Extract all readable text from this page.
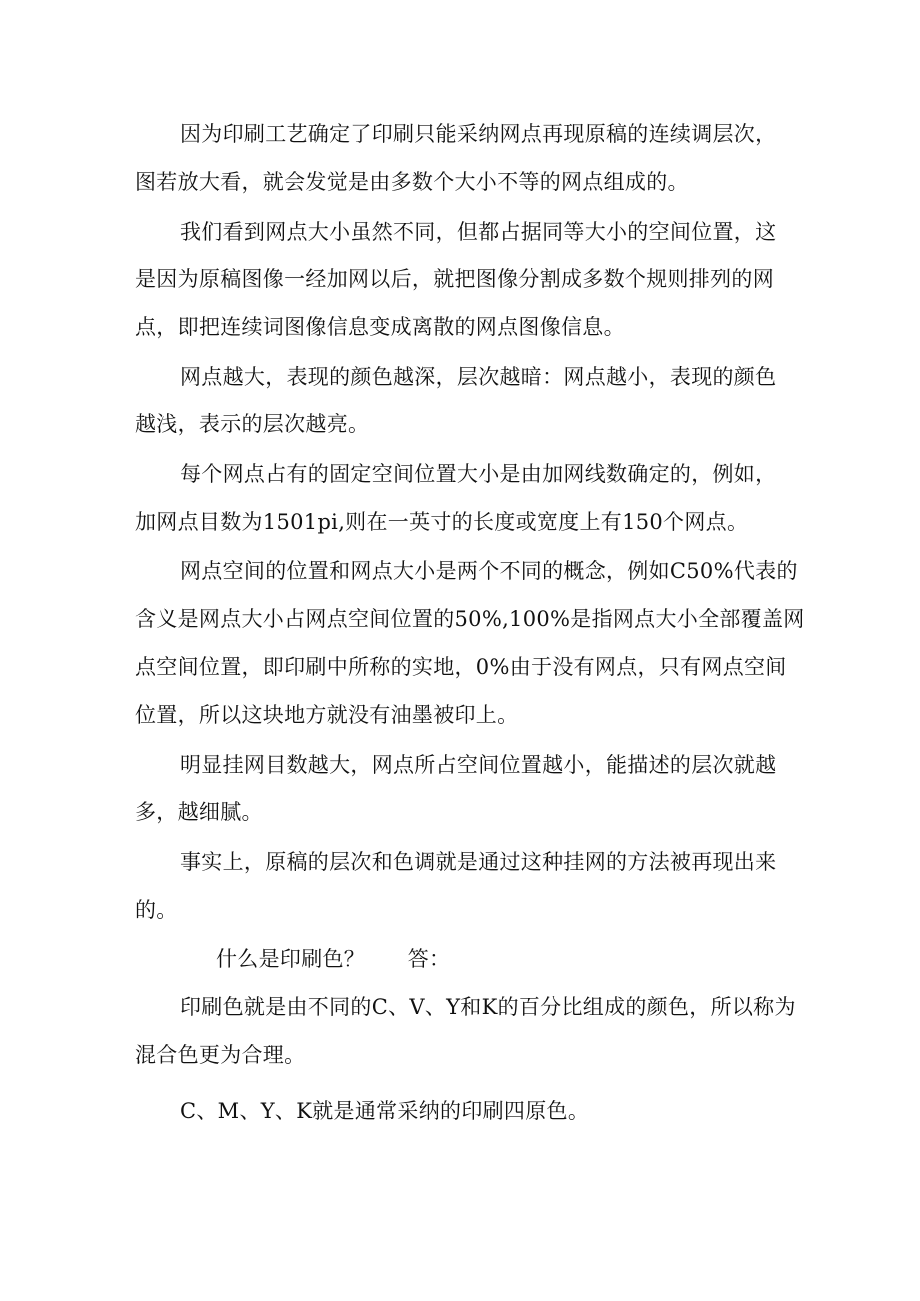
因为印刷工艺确定了印刷只能采纳网点再现原稿的连续调层次，
图若放大看，就会发觉是由多数个大小不等的网点组成的。
我们看到网点大小虽然不同，但都占据同等大小的空间位置，这
是因为原稿图像一经加网以后，就把图像分割成多数个规则排列的网
点，即把连续词图像信息变成离散的网点图像信息。
网点越大，表现的颜色越深，层次越暗：网点越小，表现的颜色
越浅，表示的层次越亮。
每个网点占有的固定空间位置大小是由加网线数确定的，例如，
加网点目数为1501pi,则在一英寸的长度或宽度上有150个网点。
网点空间的位置和网点大小是两个不同的概念，例如C50%代表的
含义是网点大小占网点空间位置的50%,100%是指网点大小全部覆盖网
点空间位置，即印刷中所称的实地，0%由于没有网点，只有网点空间
位置，所以这块地方就没有油墨被印上。
明显挂网目数越大，网点所占空间位置越小，能描述的层次就越
多，越细腻。
事实上，原稿的层次和色调就是通过这种挂网的方法被再现出来
的。
什么是印刷色？　　答：
印刷色就是由不同的C、V、Y和K的百分比组成的颜色，所以称为
混合色更为合理。
C、M、Y、K就是通常采纳的印刷四原色。
